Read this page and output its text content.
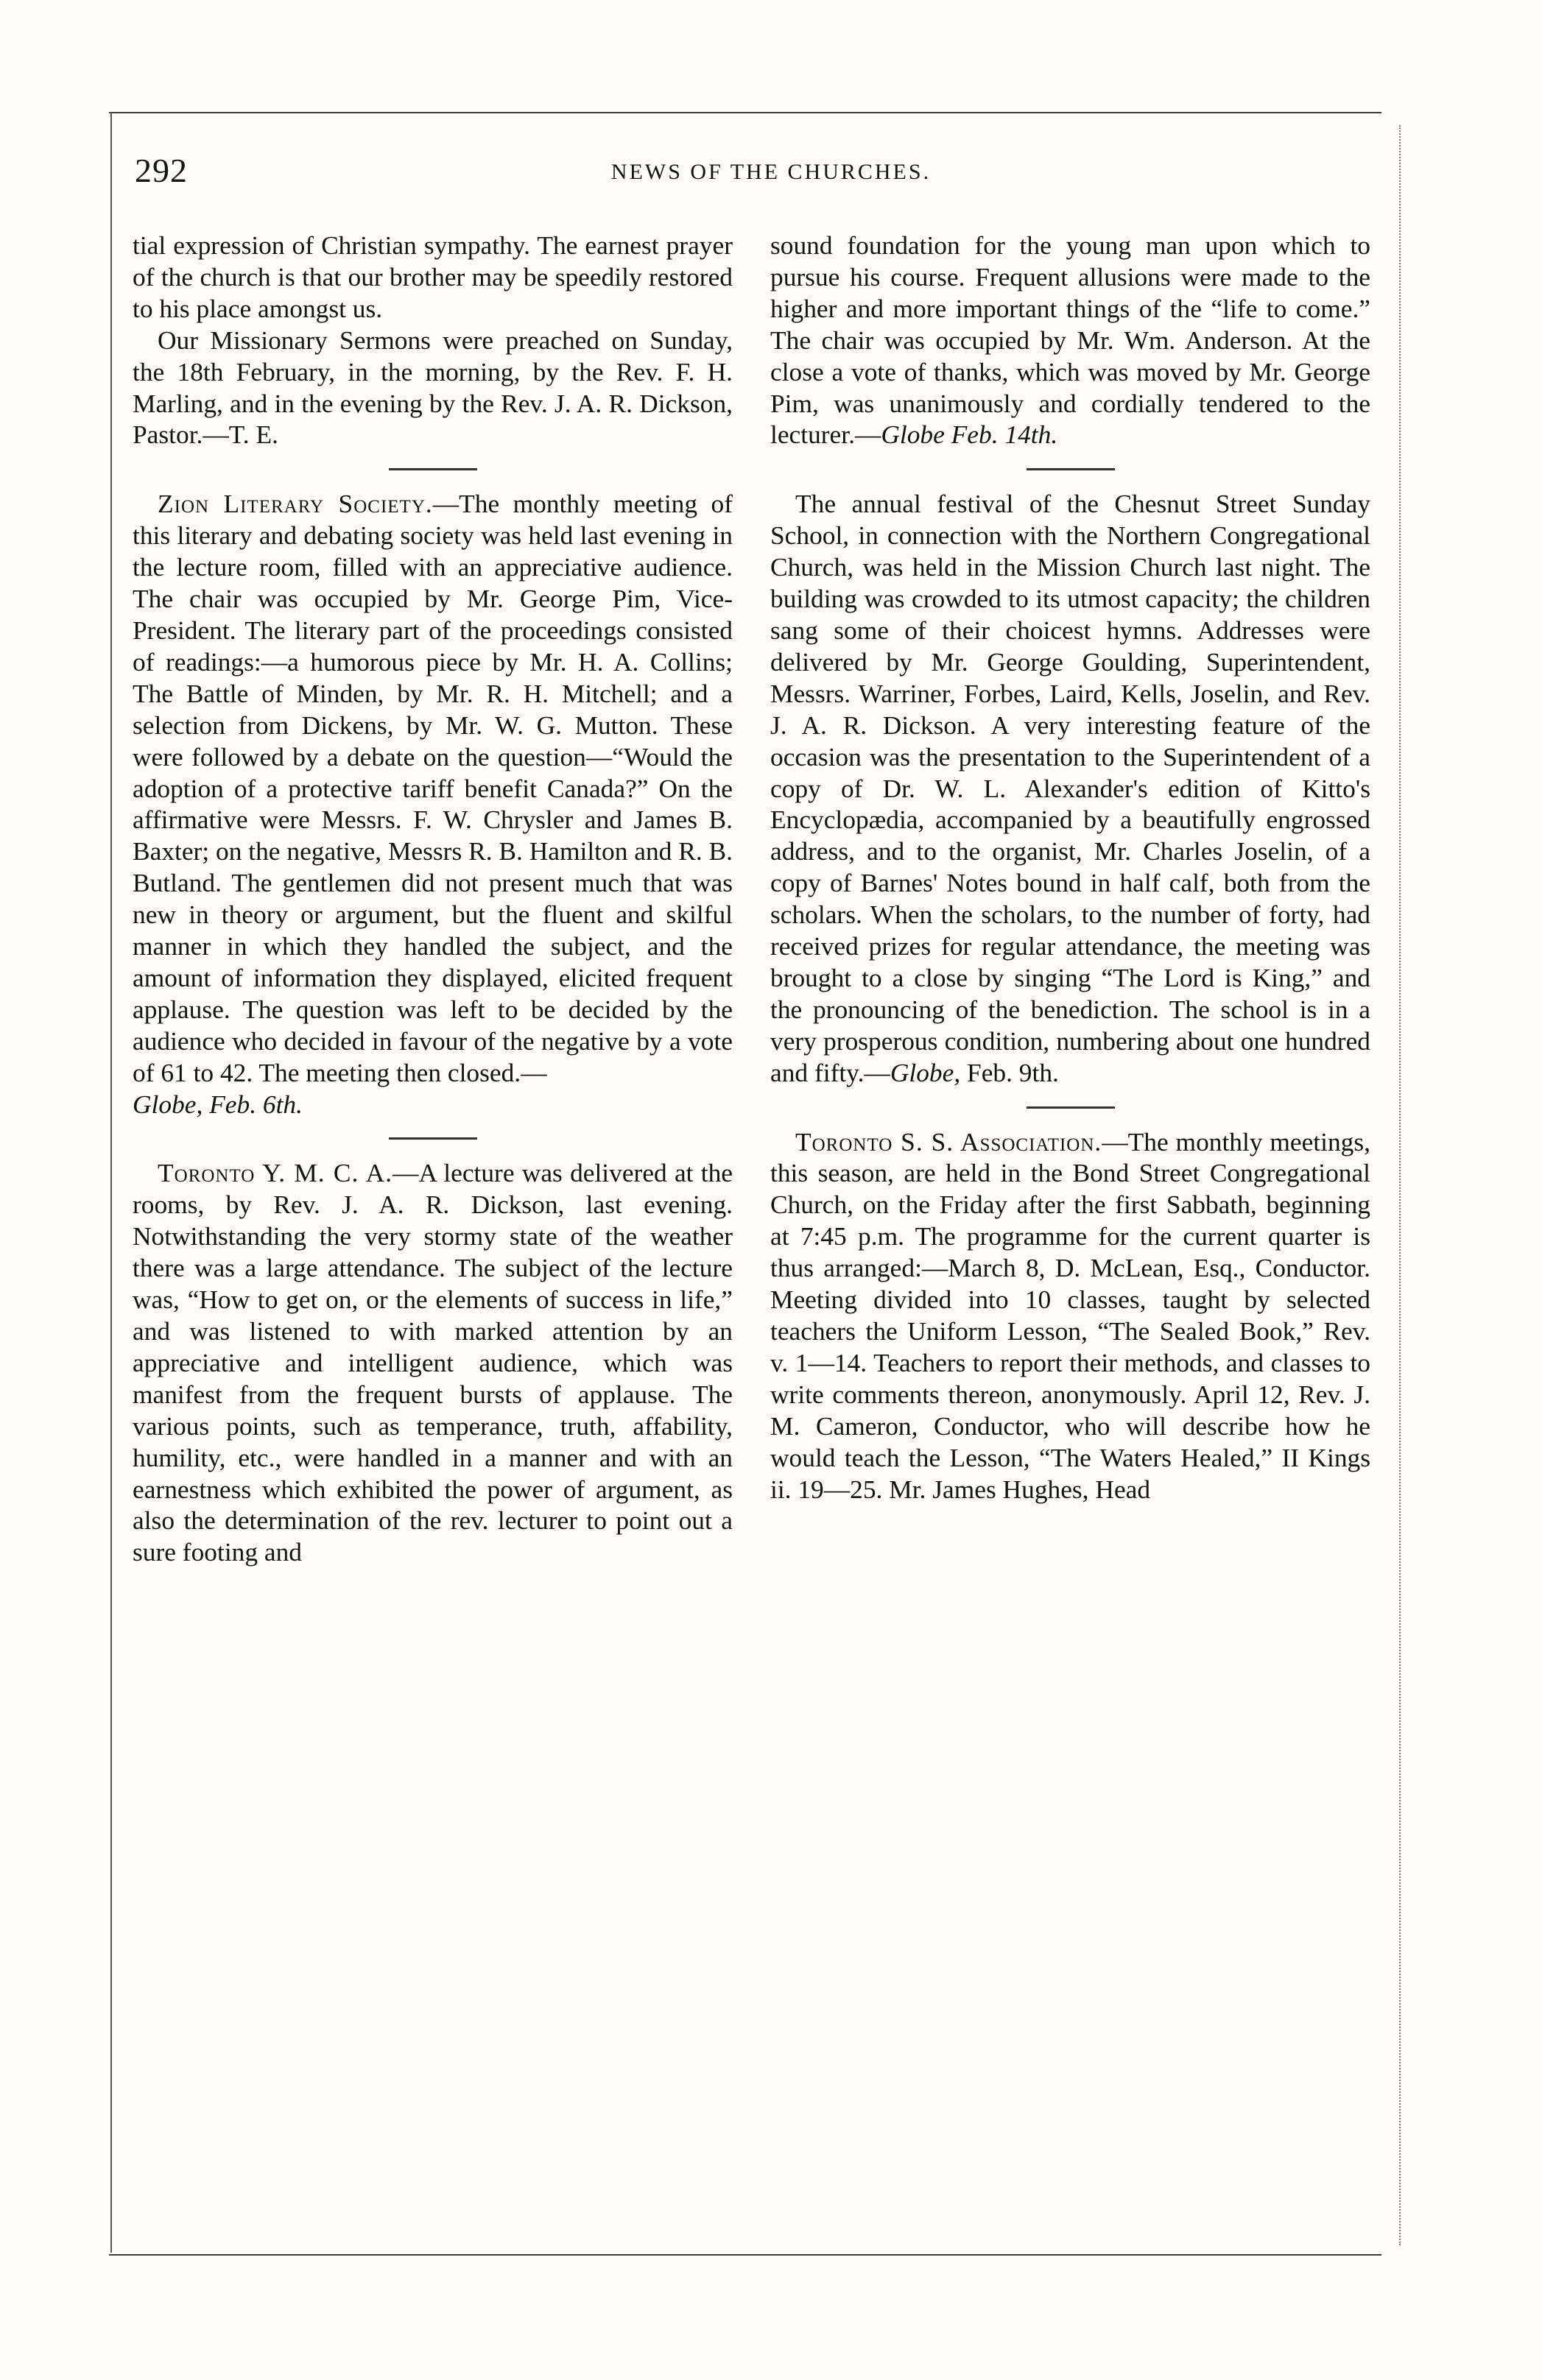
292	NEWS OF THE CHURCHES.

tial expression of Christian sympathy. The earnest prayer of the church is that our brother may be speedily restored to his place amongst us.

Our Missionary Sermons were preached on Sunday, the 18th February, in the morning, by the Rev. F. H. Marling, and in the evening by the Rev. J. A. R. Dickson, Pastor.—T. E.

Zion Literary Society.—The monthly meeting of this literary and debating society was held last evening in the lecture room, filled with an appreciative audience. The chair was occupied by Mr. George Pim, Vice-President. The literary part of the proceedings consisted of readings:—a humorous piece by Mr. H. A. Collins; The Battle of Minden, by Mr. R. H. Mitchell; and a selection from Dickens, by Mr. W. G. Mutton. These were followed by a debate on the question—“Would the adoption of a protective tariff benefit Canada?” On the affirmative were Messrs. F. W. Chrysler and James B. Baxter; on the negative, Messrs R. B. Hamilton and R. B. Butland. The gentlemen did not present much that was new in theory or argument, but the fluent and skilful manner in which they handled the subject, and the amount of information they displayed, elicited frequent applause. The question was left to be decided by the audience who decided in favour of the negative by a vote of 61 to 42. The meeting then closed.—

Globe, Feb. 6th.

Toronto Y. M. C. A.—A lecture was delivered at the rooms, by Rev. J. A. R. Dickson, last evening. Notwithstanding the very stormy state of the weather there was a large attendance. The subject of the lecture was, “How to get on, or the elements of success in life,” and was listened to with marked attention by an appreciative and intelligent audience, which was manifest from the frequent bursts of applause. The various points, such as temperance, truth, affability, humility, etc., were handled in a manner and with an earnestness which exhibited the power of argument, as also the determination of the rev. lecturer to point out a sure footing and

sound foundation for the young man upon which to pursue his course. Frequent allusions were made to the higher and more important things of the “life to come.” The chair was occupied by Mr. Wm. Anderson. At the close a vote of thanks, which was moved by Mr. George Pim, was unanimously and cordially tendered to the lecturer.—Globe Feb. 14th.

The annual festival of the Chesnut Street Sunday School, in connection with the Northern Congregational Church, was held in the Mission Church last night. The building was crowded to its utmost capacity; the children sang some of their choicest hymns. Addresses were delivered by Mr. George Goulding, Superintendent, Messrs. Warriner, Forbes, Laird, Kells, Joselin, and Rev. J. A. R. Dickson. A very interesting feature of the occasion was the presentation to the Superintendent of a copy of Dr. W. L. Alexander's edition of Kitto's Encyclopædia, accompanied by a beautifully engrossed address, and to the organist, Mr. Charles Joselin, of a copy of Barnes' Notes bound in half calf, both from the scholars. When the scholars, to the number of forty, had received prizes for regular attendance, the meeting was brought to a close by singing “The Lord is King,” and the pronouncing of the benediction. The school is in a very prosperous condition, numbering about one hundred and fifty.—Globe, Feb. 9th.

Toronto S. S. Association.—The monthly meetings, this season, are held in the Bond Street Congregational Church, on the Friday after the first Sabbath, beginning at 7:45 p.m. The programme for the current quarter is thus arranged:—March 8, D. McLean, Esq., Conductor. Meeting divided into 10 classes, taught by selected teachers the Uniform Lesson, “The Sealed Book,” Rev. v. 1—14. Teachers to report their methods, and classes to write comments thereon, anonymously. April 12, Rev. J. M. Cameron, Conductor, who will describe how he would teach the Lesson, “The Waters Healed,” II Kings ii. 19—25. Mr. James Hughes, Head
